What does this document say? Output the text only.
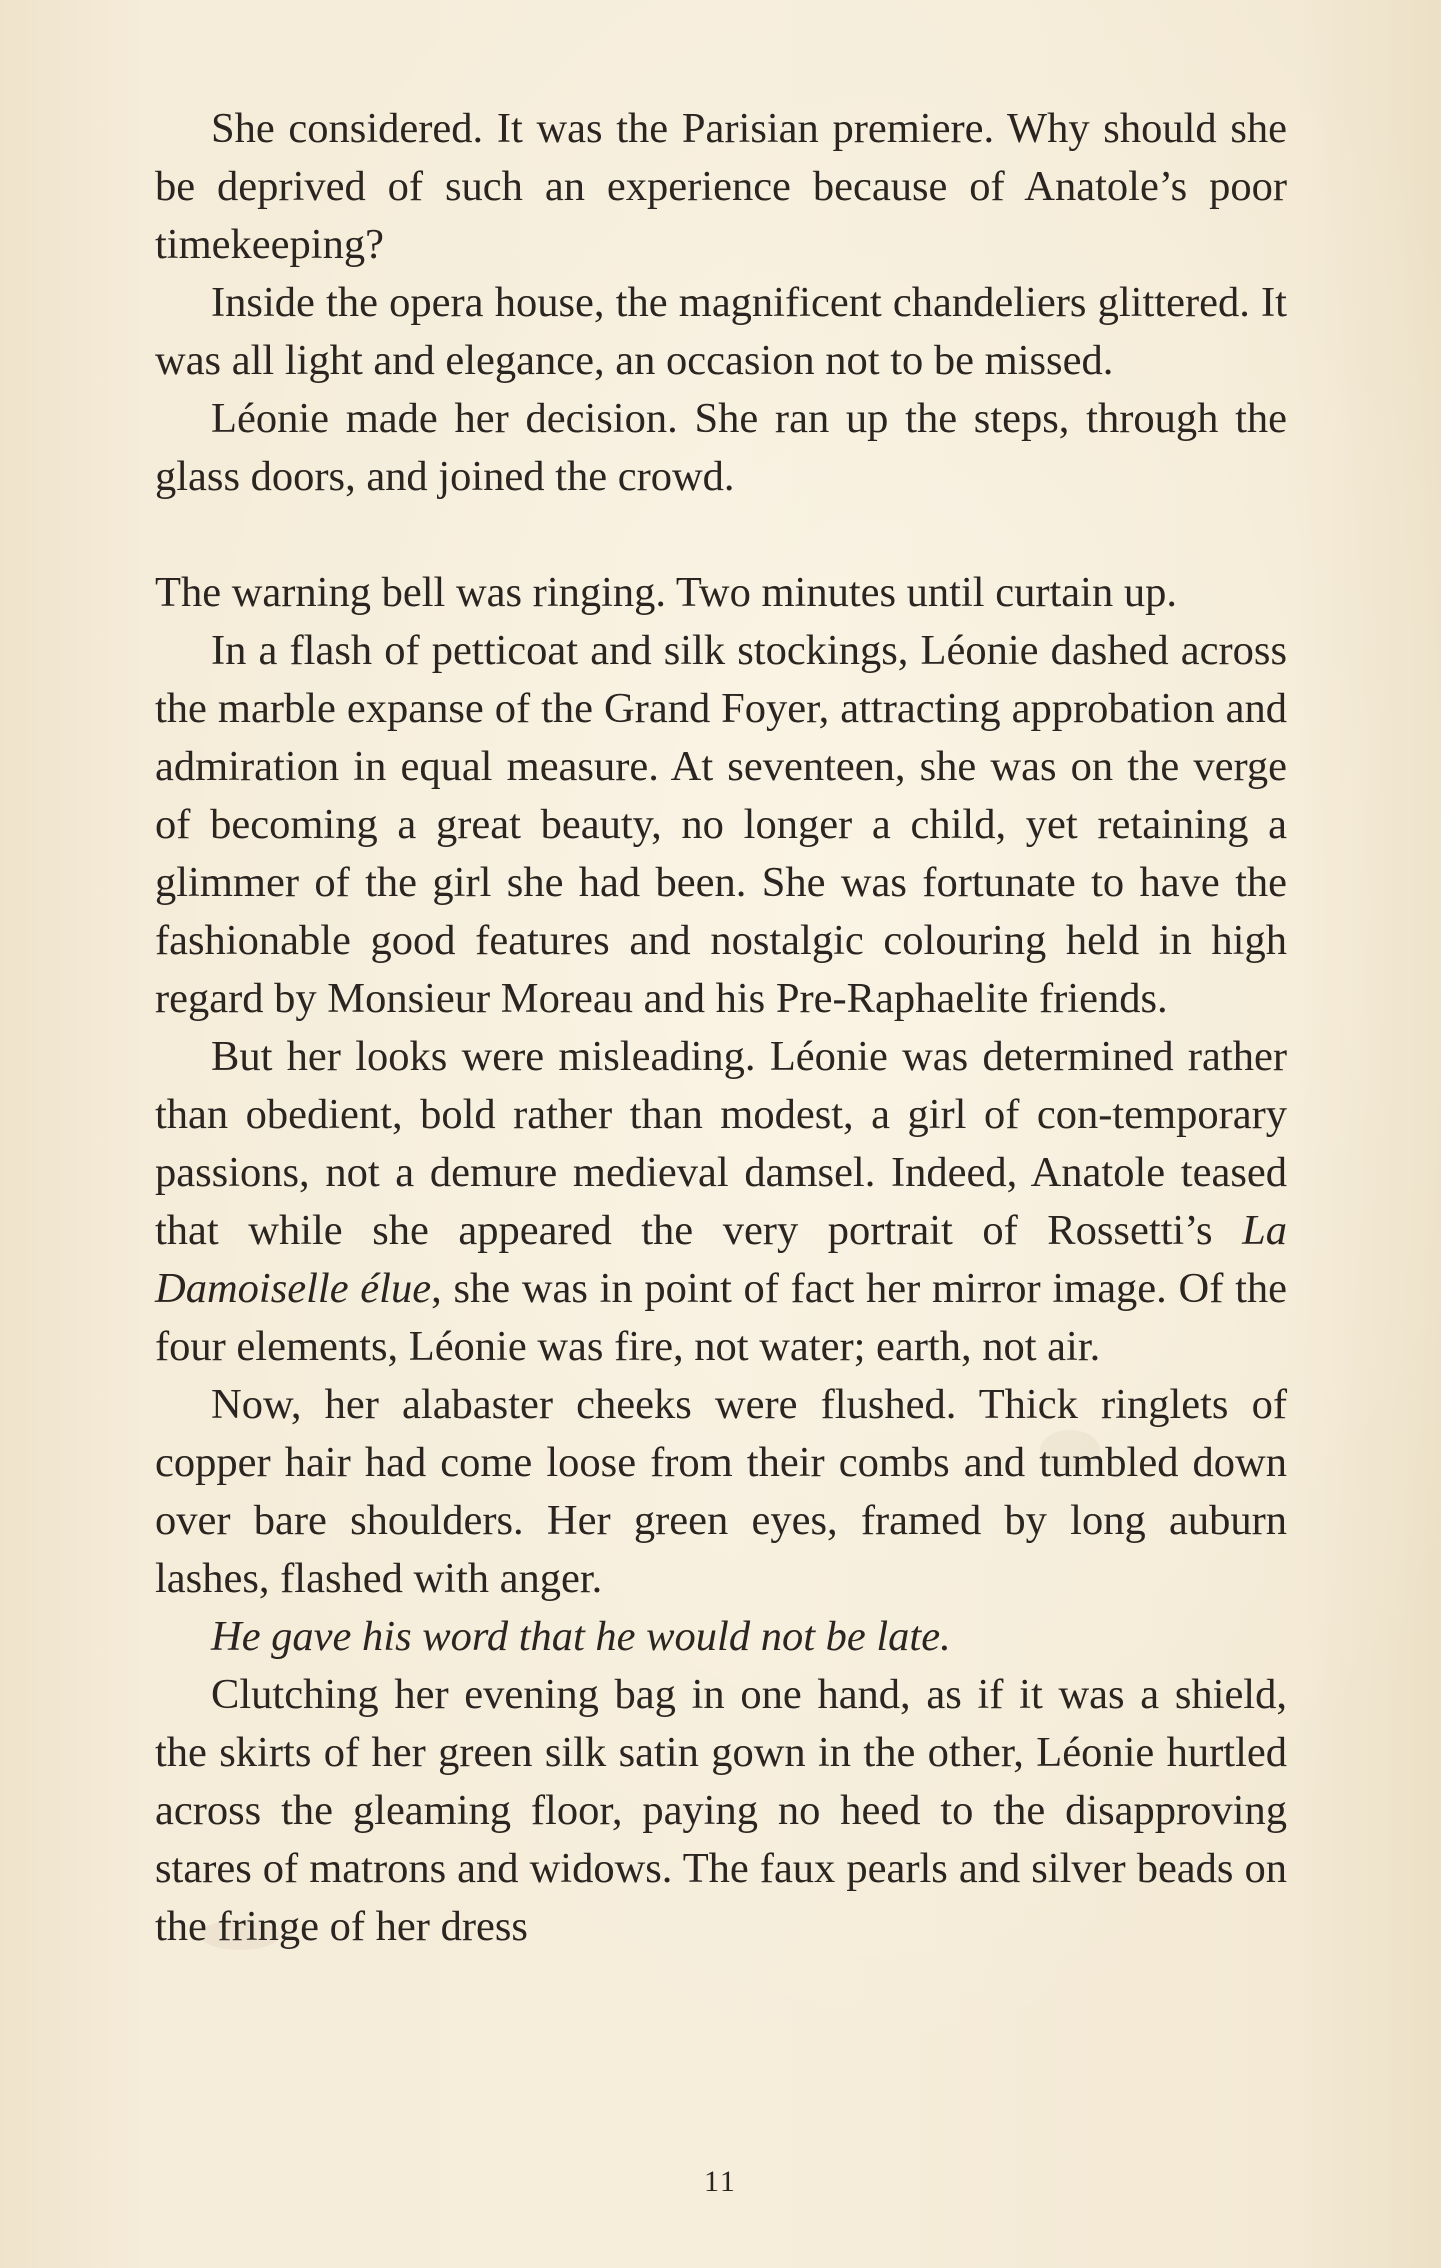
She considered. It was the Parisian premiere. Why should she be deprived of such an experience because of Anatole’s poor timekeeping?

Inside the opera house, the magnificent chandeliers glittered. It was all light and elegance, an occasion not to be missed.

Léonie made her decision. She ran up the steps, through the glass doors, and joined the crowd.

The warning bell was ringing. Two minutes until curtain up.

In a flash of petticoat and silk stockings, Léonie dashed across the marble expanse of the Grand Foyer, attracting approbation and admiration in equal measure. At seventeen, she was on the verge of becoming a great beauty, no longer a child, yet retaining a glimmer of the girl she had been. She was fortunate to have the fashionable good features and nostalgic colouring held in high regard by Monsieur Moreau and his Pre-Raphaelite friends.

But her looks were misleading. Léonie was determined rather than obedient, bold rather than modest, a girl of con-temporary passions, not a demure medieval damsel. Indeed, Anatole teased that while she appeared the very portrait of Rossetti’s La Damoiselle élue, she was in point of fact her mirror image. Of the four elements, Léonie was fire, not water; earth, not air.

Now, her alabaster cheeks were flushed. Thick ringlets of copper hair had come loose from their combs and tumbled down over bare shoulders. Her green eyes, framed by long auburn lashes, flashed with anger.

He gave his word that he would not be late.

Clutching her evening bag in one hand, as if it was a shield, the skirts of her green silk satin gown in the other, Léonie hurtled across the gleaming floor, paying no heed to the disapproving stares of matrons and widows. The faux pearls and silver beads on the fringe of her dress

11
